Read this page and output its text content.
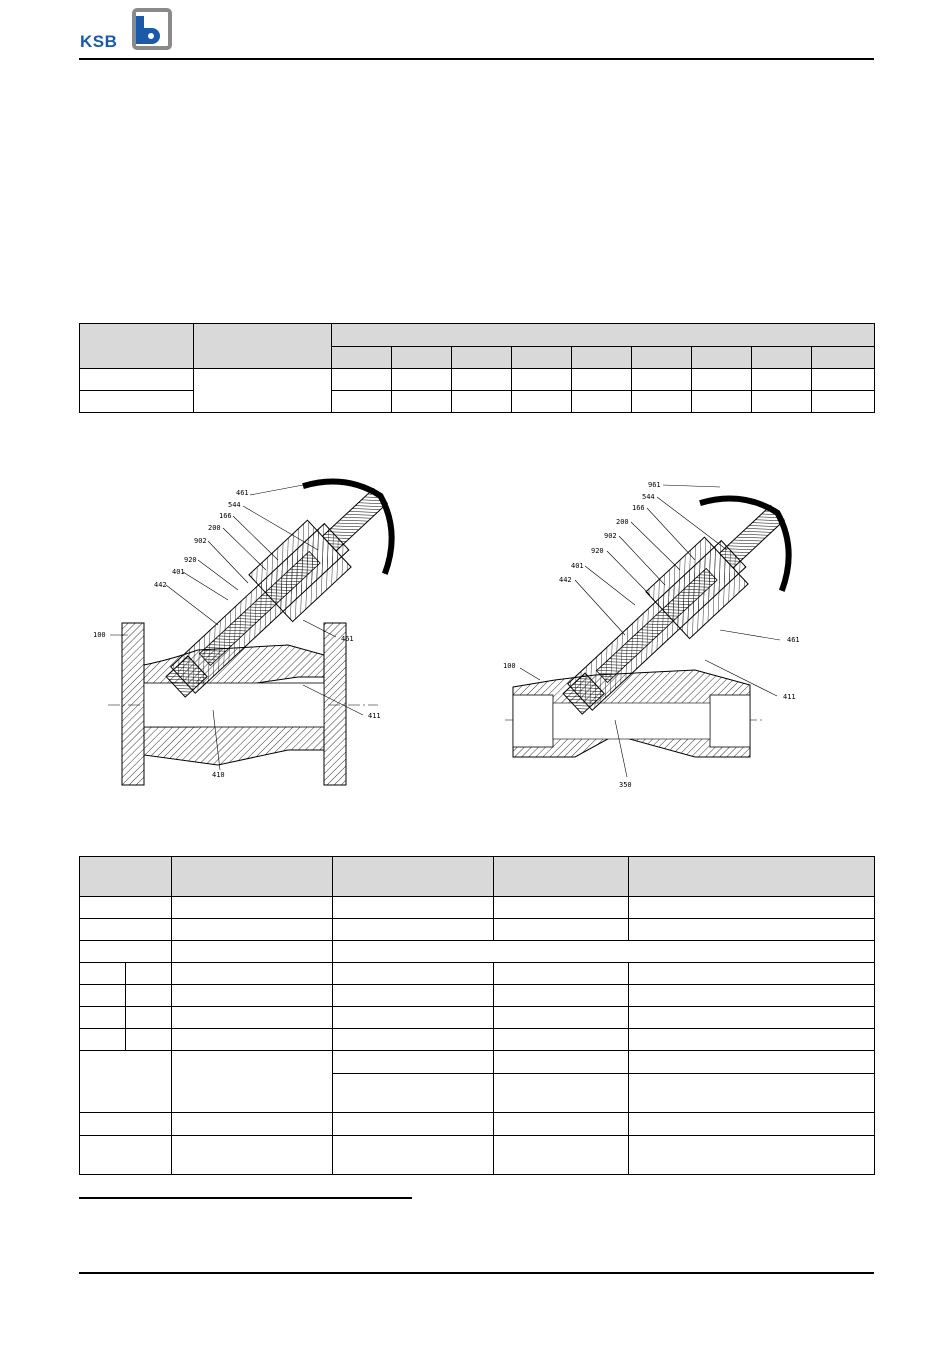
KSB

461
544
166
200
902
920
401
442
100	461
411
410
961
544
166
200
902
920
401
442
461
411
100
350
